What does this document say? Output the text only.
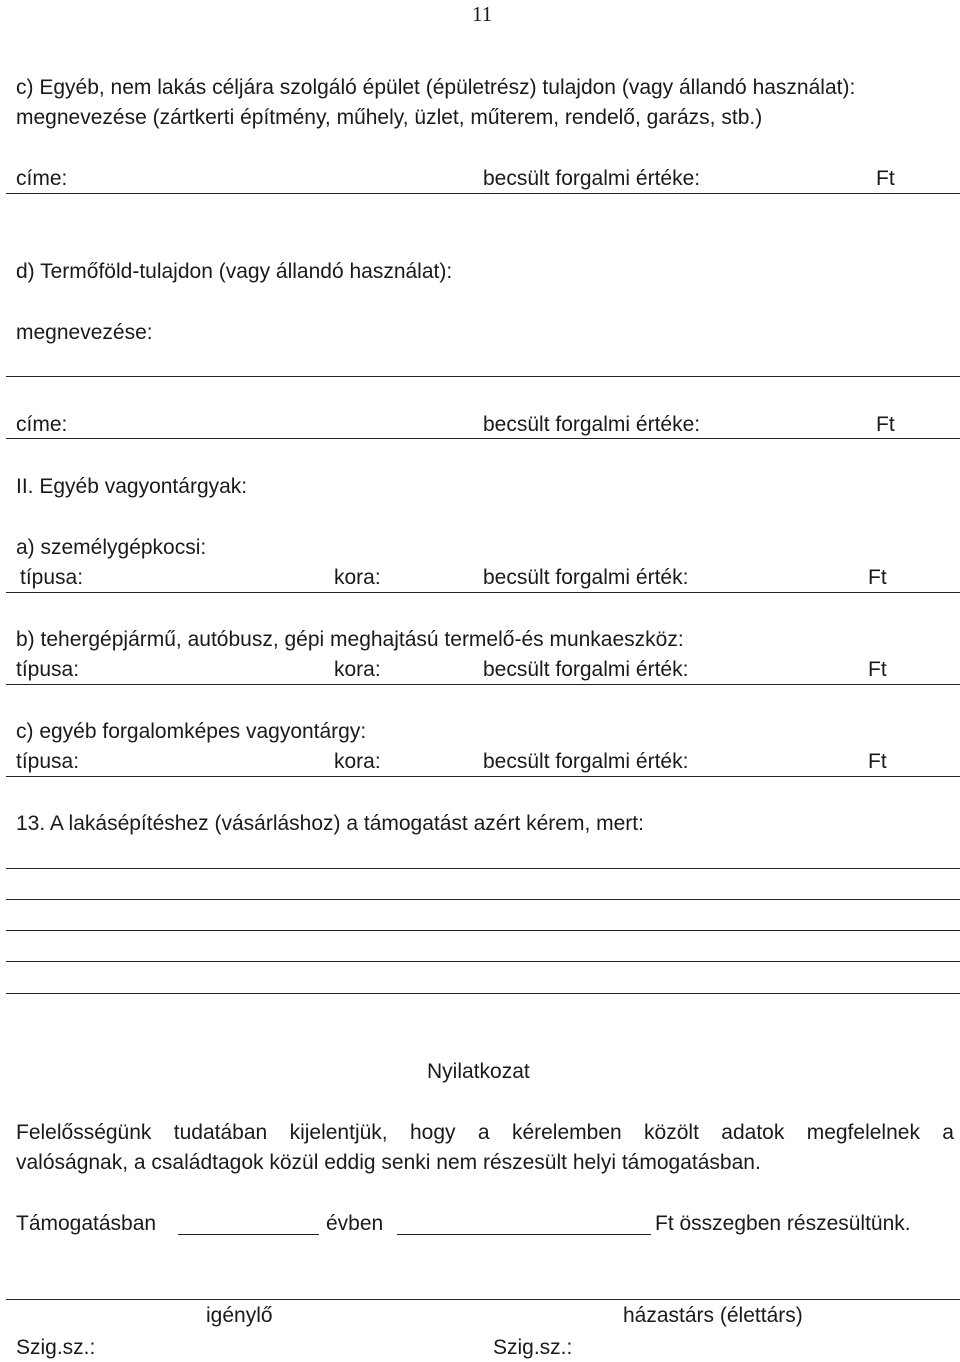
11
c) Egyéb, nem lakás céljára szolgáló épület (épületrész) tulajdon (vagy állandó használat):
megnevezése (zártkerti építmény, műhely, üzlet, műterem, rendelő, garázs, stb.)
címe:	becsült forgalmi értéke:	Ft
d) Termőföld-tulajdon (vagy állandó használat):
megnevezése:
címe:	becsült forgalmi értéke:	Ft
II. Egyéb vagyontárgyak:
a) személygépkocsi:
típusa:	kora:	becsült forgalmi érték:	Ft
b) tehergépjármű, autóbusz, gépi meghajtású termelő-és munkaeszköz:
típusa:	kora:	becsült forgalmi érték:	Ft
c) egyéb forgalomképes vagyontárgy:
típusa:	kora:	becsült forgalmi érték:	Ft
13. A lakásépítéshez (vásárláshoz) a támogatást azért kérem, mert:
Nyilatkozat
Felelősségünk tudatában kijelentjük, hogy a kérelemben közölt adatok megfelelnek a
valóságnak, a családtagok közül eddig senki nem részesült helyi támogatásban.
Támogatásban	évben	Ft összegben részesültünk.
igénylő	házastárs (élettárs)
Szig.sz.:	Szig.sz.:
